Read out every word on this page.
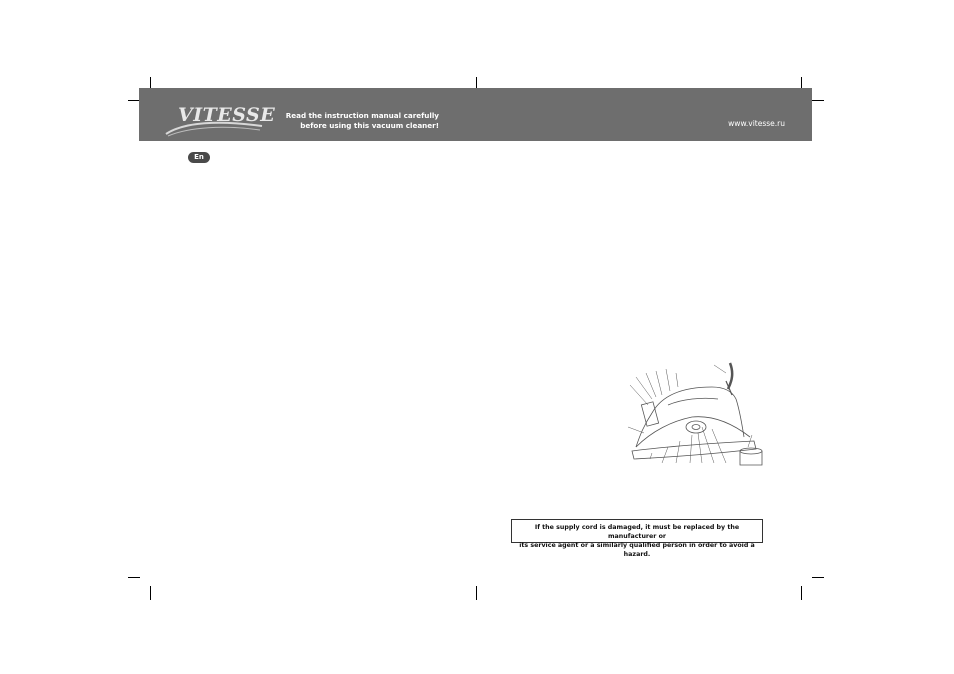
VITESSE	Read the instruction manual carefully
before using this vacuum cleaner!	www.vitesse.ru
En
If the supply cord is damaged, it must be replaced by the manufacturer or
its service agent or a similarly qualified person in order to avoid a hazard.
